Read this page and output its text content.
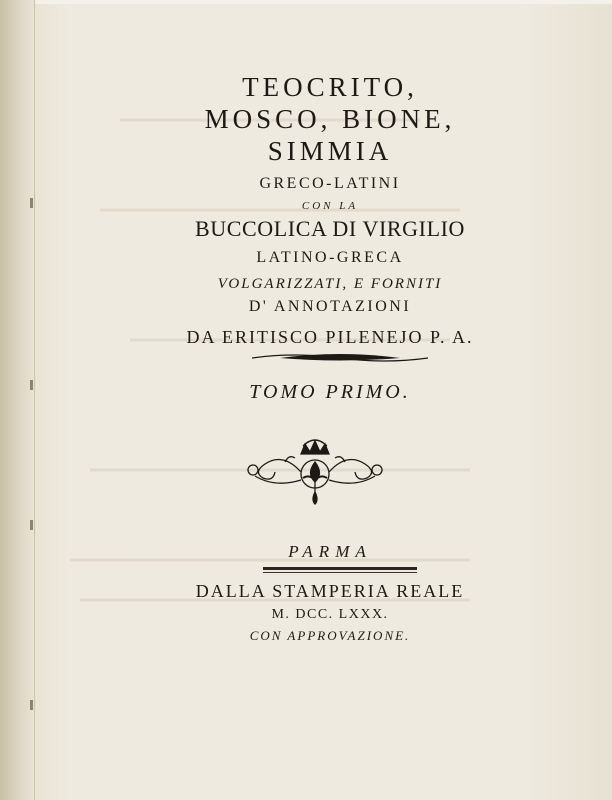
TEOCRITO,
MOSCO, BIONE,
SIMMIA
GRECO-LATINI
CON LA
BUCCOLICA DI VIRGILIO
LATINO-GRECA
VOLGARIZZATI, E FORNITI
D' ANNOTAZIONI
DA ERITISCO PILENEJO P. A.
TOMO PRIMO.
PARMA
DALLA STAMPERIA REALE
M. DCC. LXXX.
CON APPROVAZIONE.
